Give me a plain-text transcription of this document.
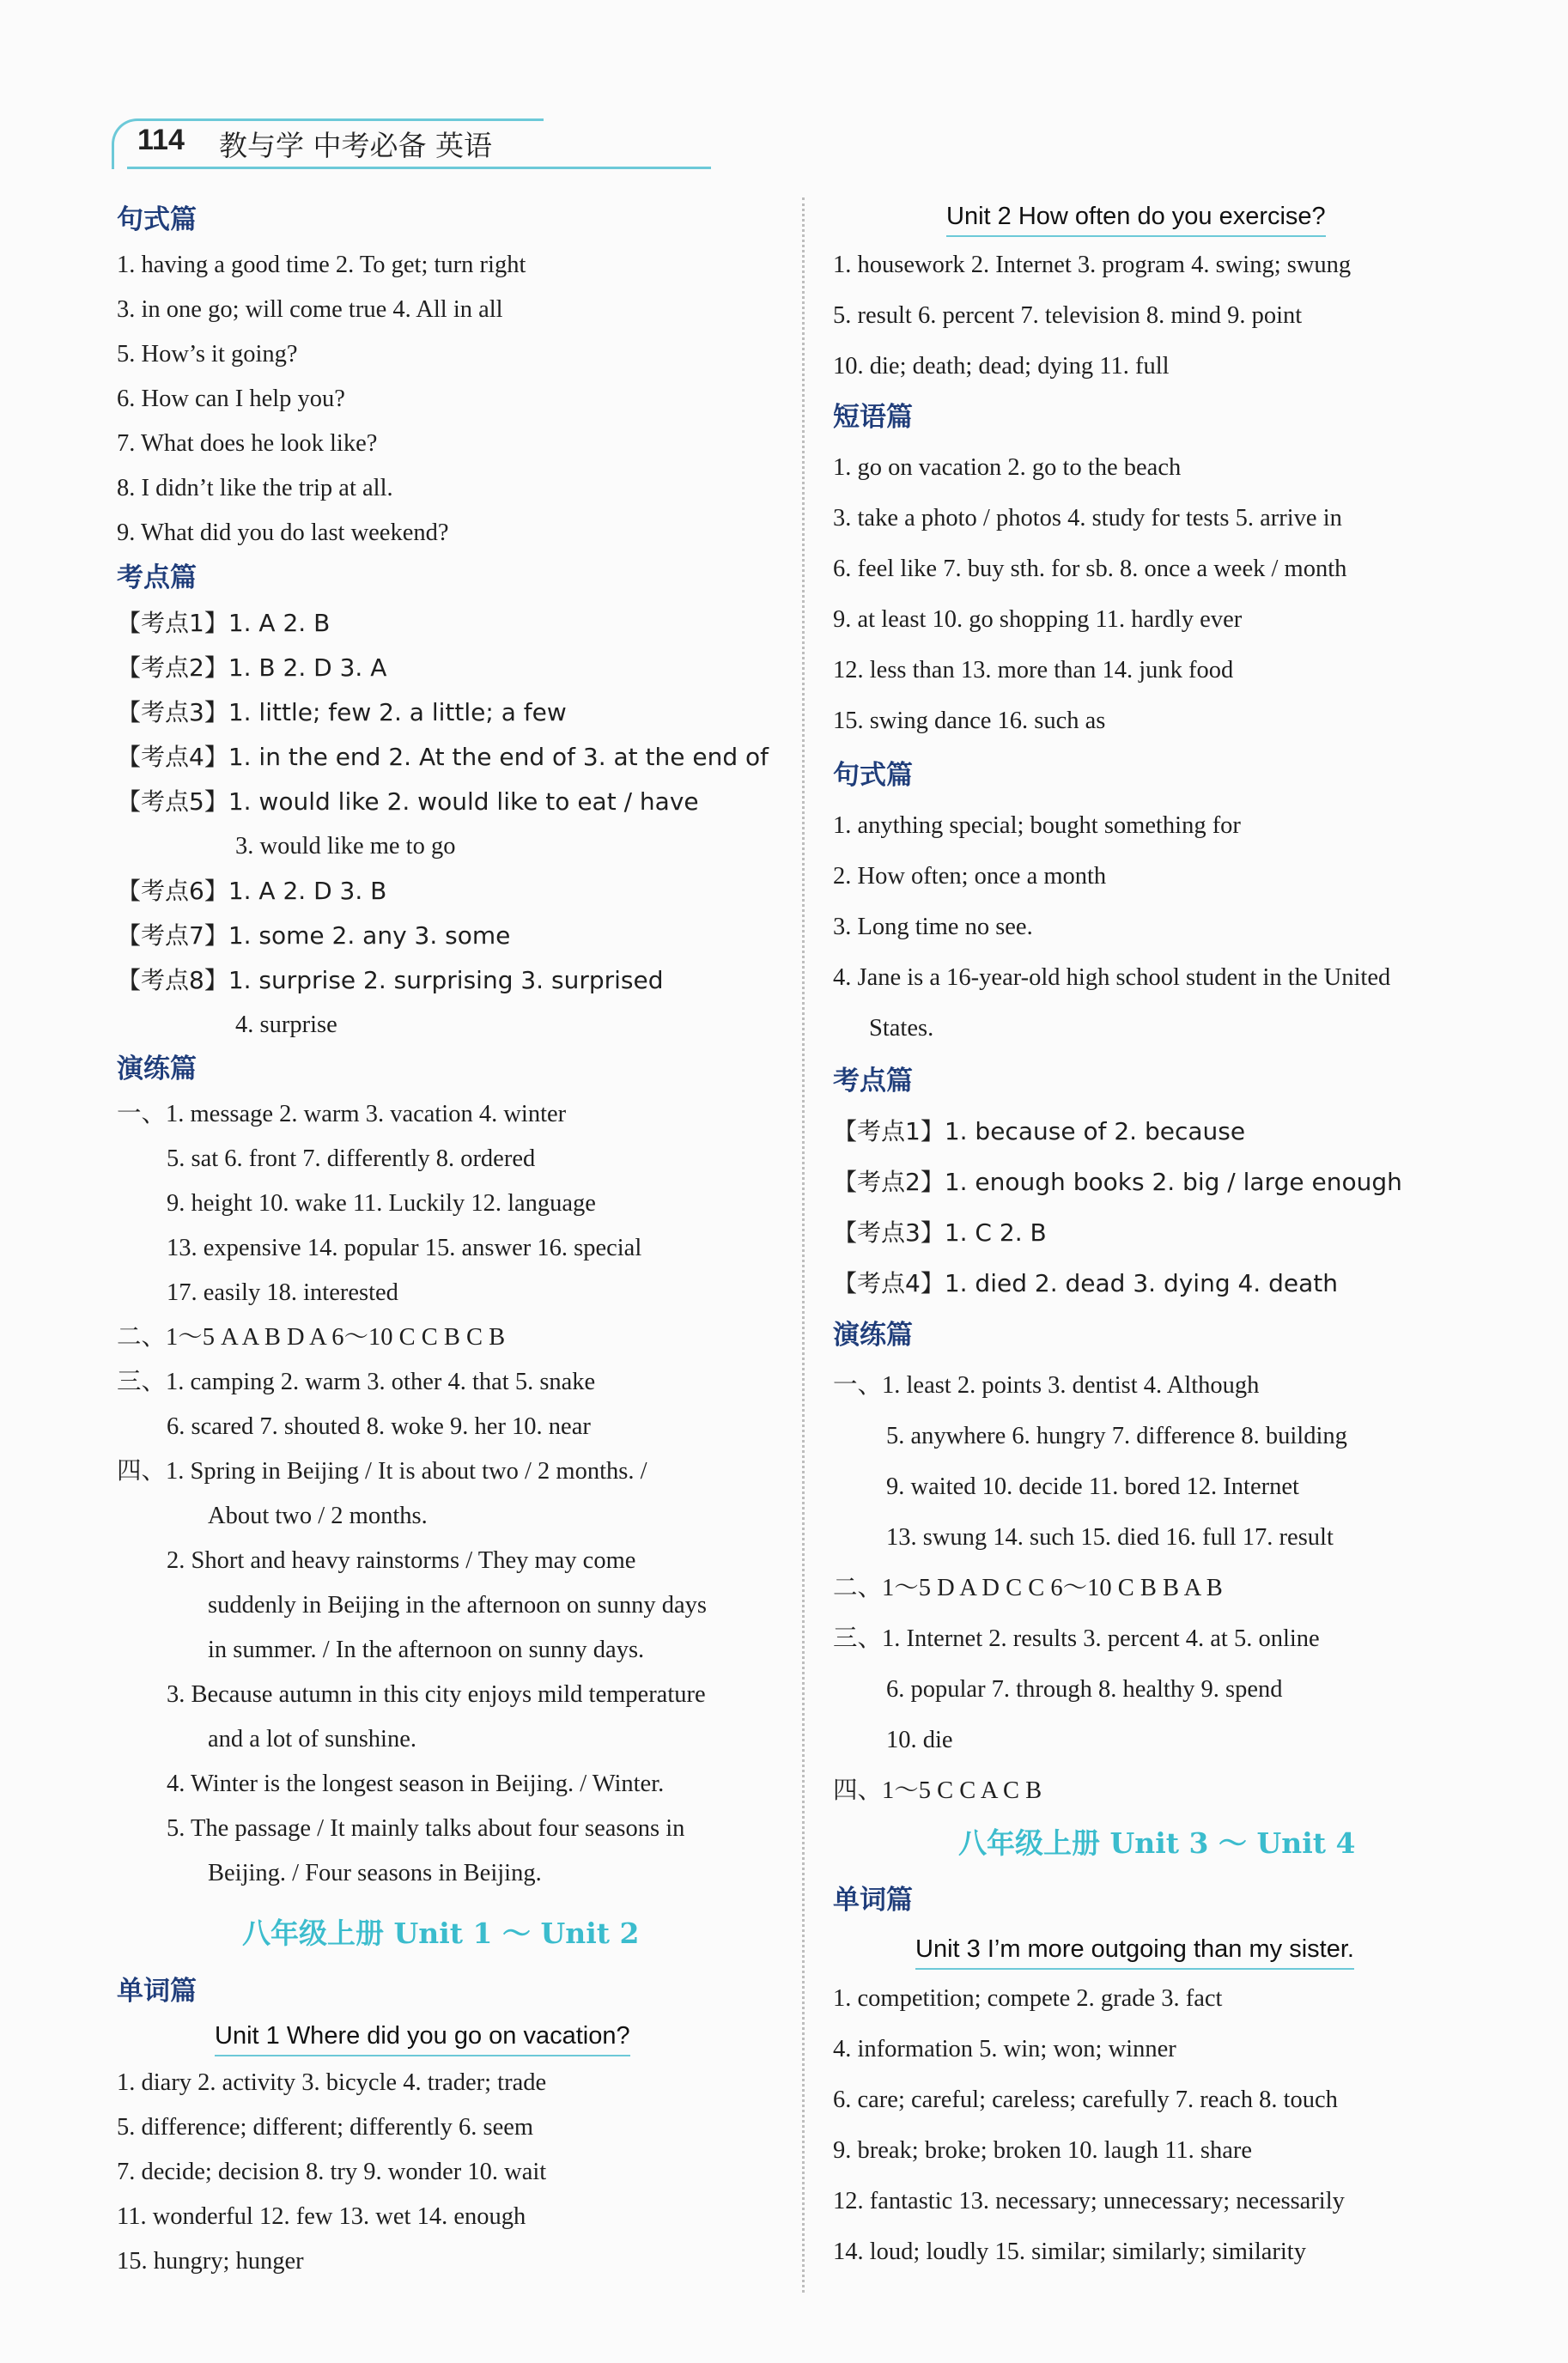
114 教与学 中考必备 英语
句式篇
1. having a good time 2. To get; turn right
3. in one go; will come true 4. All in all
5. How’s it going?
6. How can I help you?
7. What does he look like?
8. I didn’t like the trip at all.
9. What did you do last weekend?
考点篇
【考点1】1. A 2. B
【考点2】1. B 2. D 3. A
【考点3】1. little; few 2. a little; a few
【考点4】1. in the end 2. At the end of 3. at the end of
【考点5】1. would like 2. would like to eat / have
3. would like me to go
【考点6】1. A 2. D 3. B
【考点7】1. some 2. any 3. some
【考点8】1. surprise 2. surprising 3. surprised
4. surprise
演练篇
一、1. message 2. warm 3. vacation 4. winter
5. sat 6. front 7. differently 8. ordered
9. height 10. wake 11. Luckily 12. language
13. expensive 14. popular 15. answer 16. special
17. easily 18. interested
二、1～5 A A B D A 6～10 C C B C B
三、1. camping 2. warm 3. other 4. that 5. snake
6. scared 7. shouted 8. woke 9. her 10. near
四、1. Spring in Beijing / It is about two / 2 months. /
About two / 2 months.
2. Short and heavy rainstorms / They may come
suddenly in Beijing in the afternoon on sunny days
in summer. / In the afternoon on sunny days.
3. Because autumn in this city enjoys mild temperature
and a lot of sunshine.
4. Winter is the longest season in Beijing. / Winter.
5. The passage / It mainly talks about four seasons in
Beijing. / Four seasons in Beijing.
八年级上册 Unit 1 ～ Unit 2
单词篇
Unit 1 Where did you go on vacation?
1. diary 2. activity 3. bicycle 4. trader; trade
5. difference; different; differently 6. seem
7. decide; decision 8. try 9. wonder 10. wait
11. wonderful 12. few 13. wet 14. enough
15. hungry; hunger
Unit 2 How often do you exercise?
1. housework 2. Internet 3. program 4. swing; swung
5. result 6. percent 7. television 8. mind 9. point
10. die; death; dead; dying 11. full
短语篇
1. go on vacation 2. go to the beach
3. take a photo / photos 4. study for tests 5. arrive in
6. feel like 7. buy sth. for sb. 8. once a week / month
9. at least 10. go shopping 11. hardly ever
12. less than 13. more than 14. junk food
15. swing dance 16. such as
句式篇
1. anything special; bought something for
2. How often; once a month
3. Long time no see.
4. Jane is a 16-year-old high school student in the United
States.
考点篇
【考点1】1. because of 2. because
【考点2】1. enough books 2. big / large enough
【考点3】1. C 2. B
【考点4】1. died 2. dead 3. dying 4. death
演练篇
一、1. least 2. points 3. dentist 4. Although
5. anywhere 6. hungry 7. difference 8. building
9. waited 10. decide 11. bored 12. Internet
13. swung 14. such 15. died 16. full 17. result
二、1～5 D A D C C 6～10 C B B A B
三、1. Internet 2. results 3. percent 4. at 5. online
6. popular 7. through 8. healthy 9. spend
10. die
四、1～5 C C A C B
八年级上册 Unit 3 ～ Unit 4
单词篇
Unit 3 I’m more outgoing than my sister.
1. competition; compete 2. grade 3. fact
4. information 5. win; won; winner
6. care; careful; careless; carefully 7. reach 8. touch
9. break; broke; broken 10. laugh 11. share
12. fantastic 13. necessary; unnecessary; necessarily
14. loud; loudly 15. similar; similarly; similarity
